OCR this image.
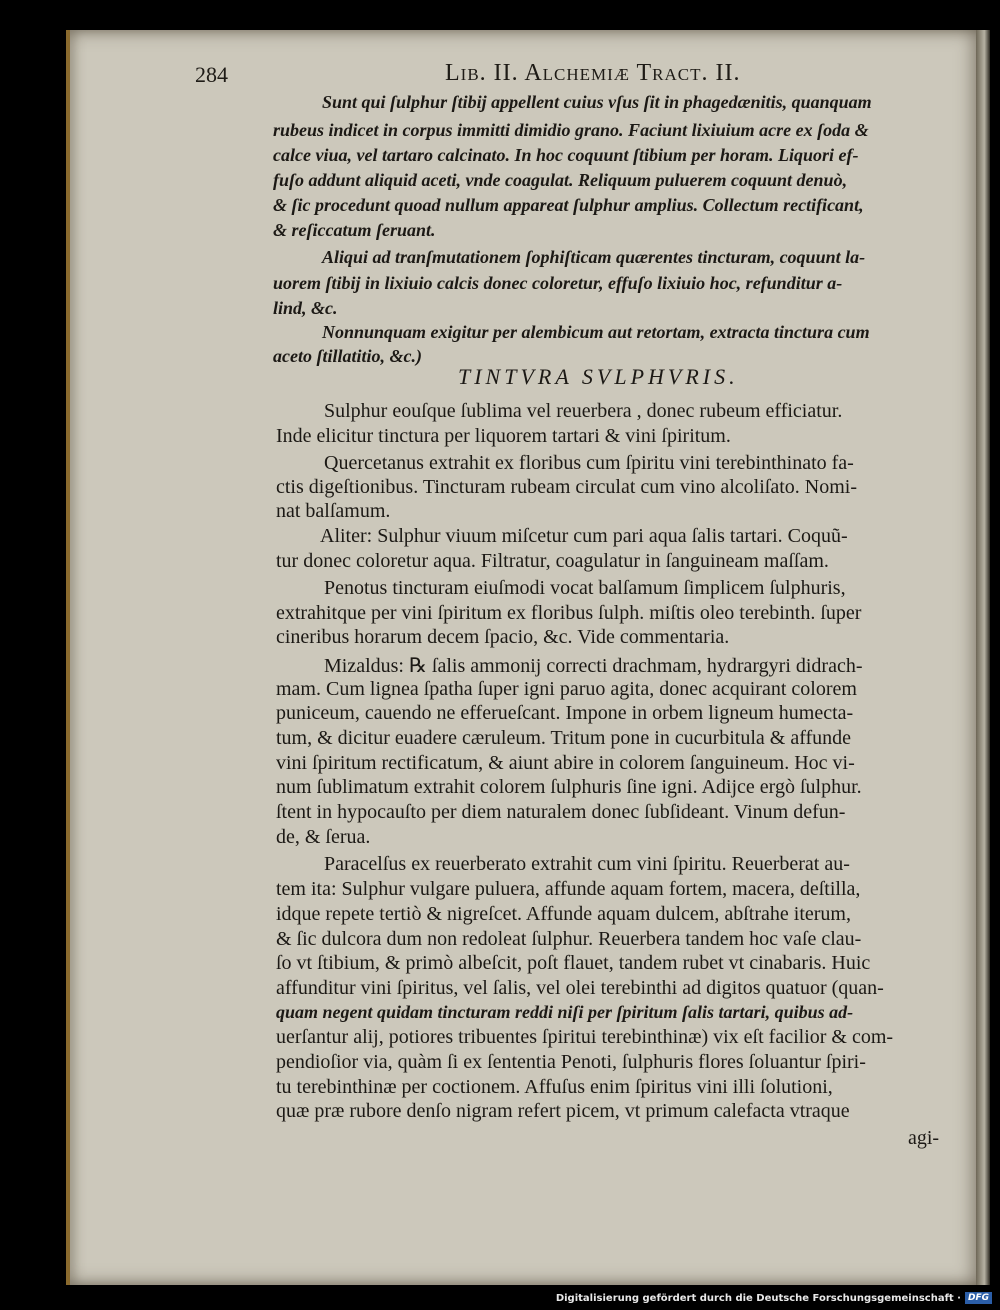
284	Lib. II. Alchemiæ Tract. II.
TINTVRA SVLPHVRIS.
Sunt qui ſulphur ſtibij appellent cuius vſus ſit in phagedænitis, quanquam
rubeus indicet in corpus immitti dimidio grano. Faciunt lixiuium acre ex ſoda &
calce viua, vel tartaro calcinato. In hoc coquunt ſtibium per horam. Liquori ef-
fuſo addunt aliquid aceti, vnde coagulat. Reliquum puluerem coquunt denuò,
& ſic procedunt quoad nullum appareat ſulphur amplius. Collectum rectificant,
& reſiccatum ſeruant.
Aliqui ad tranſmutationem ſophiſticam quærentes tincturam, coquunt la-
uorem ſtibij in lixiuio calcis donec coloretur, effuſo lixiuio hoc, refunditur a-
lind, &c.
Nonnunquam exigitur per alembicum aut retortam, extracta tinctura cum
aceto ſtillatitio, &c.)
Sulphur eouſque ſublima vel reuerbera , donec rubeum efficiatur.
Inde elicitur tinctura per liquorem tartari & vini ſpiritum.
Quercetanus extrahit ex floribus cum ſpiritu vini terebinthinato fa-
ctis digeſtionibus. Tincturam rubeam circulat cum vino alcoliſato. Nomi-
nat balſamum.
Aliter: Sulphur viuum miſcetur cum pari aqua ſalis tartari. Coquũ-
tur donec coloretur aqua. Filtratur, coagulatur in ſanguineam maſſam.
Penotus tincturam eiuſmodi vocat balſamum ſimplicem ſulphuris,
extrahitque per vini ſpiritum ex floribus ſulph. miſtis oleo terebinth. ſuper
cineribus horarum decem ſpacio, &c. Vide commentaria.
Mizaldus: ℞ ſalis ammonij correcti drachmam, hydrargyri didrach-
mam. Cum lignea ſpatha ſuper igni paruo agita, donec acquirant colorem
puniceum, cauendo ne efferueſcant. Impone in orbem ligneum humecta-
tum, & dicitur euadere cæruleum. Tritum pone in cucurbitula & affunde
vini ſpiritum rectificatum, & aiunt abire in colorem ſanguineum. Hoc vi-
num ſublimatum extrahit colorem ſulphuris ſine igni. Adijce ergò ſulphur.
ſtent in hypocauſto per diem naturalem donec ſubſideant. Vinum defun-
de, & ſerua.
Paracelſus ex reuerberato extrahit cum vini ſpiritu. Reuerberat au-
tem ita: Sulphur vulgare puluera, affunde aquam fortem, macera, deſtilla,
idque repete tertiò & nigreſcet. Affunde aquam dulcem, abſtrahe iterum,
& ſic dulcora dum non redoleat ſulphur. Reuerbera tandem hoc vaſe clau-
ſo vt ſtibium, & primò albeſcit, poſt flauet, tandem rubet vt cinabaris. Huic
affunditur vini ſpiritus, vel ſalis, vel olei terebinthi ad digitos quatuor (quan-
quam negent quidam tincturam reddi niſi per ſpiritum ſalis tartari, quibus ad-
uerſantur alij, potiores tribuentes ſpiritui terebinthinæ) vix eſt facilior & com-
pendioſior via, quàm ſi ex ſententia Penoti, ſulphuris flores ſoluantur ſpiri-
tu terebinthinæ per coctionem. Affuſus enim ſpiritus vini illi ſolutioni,
quæ præ rubore denſo nigram refert picem, vt primum calefacta vtraque
agi-
Digitalisierung gefördert durch die Deutsche Forschungsgemeinschaft · DFG
